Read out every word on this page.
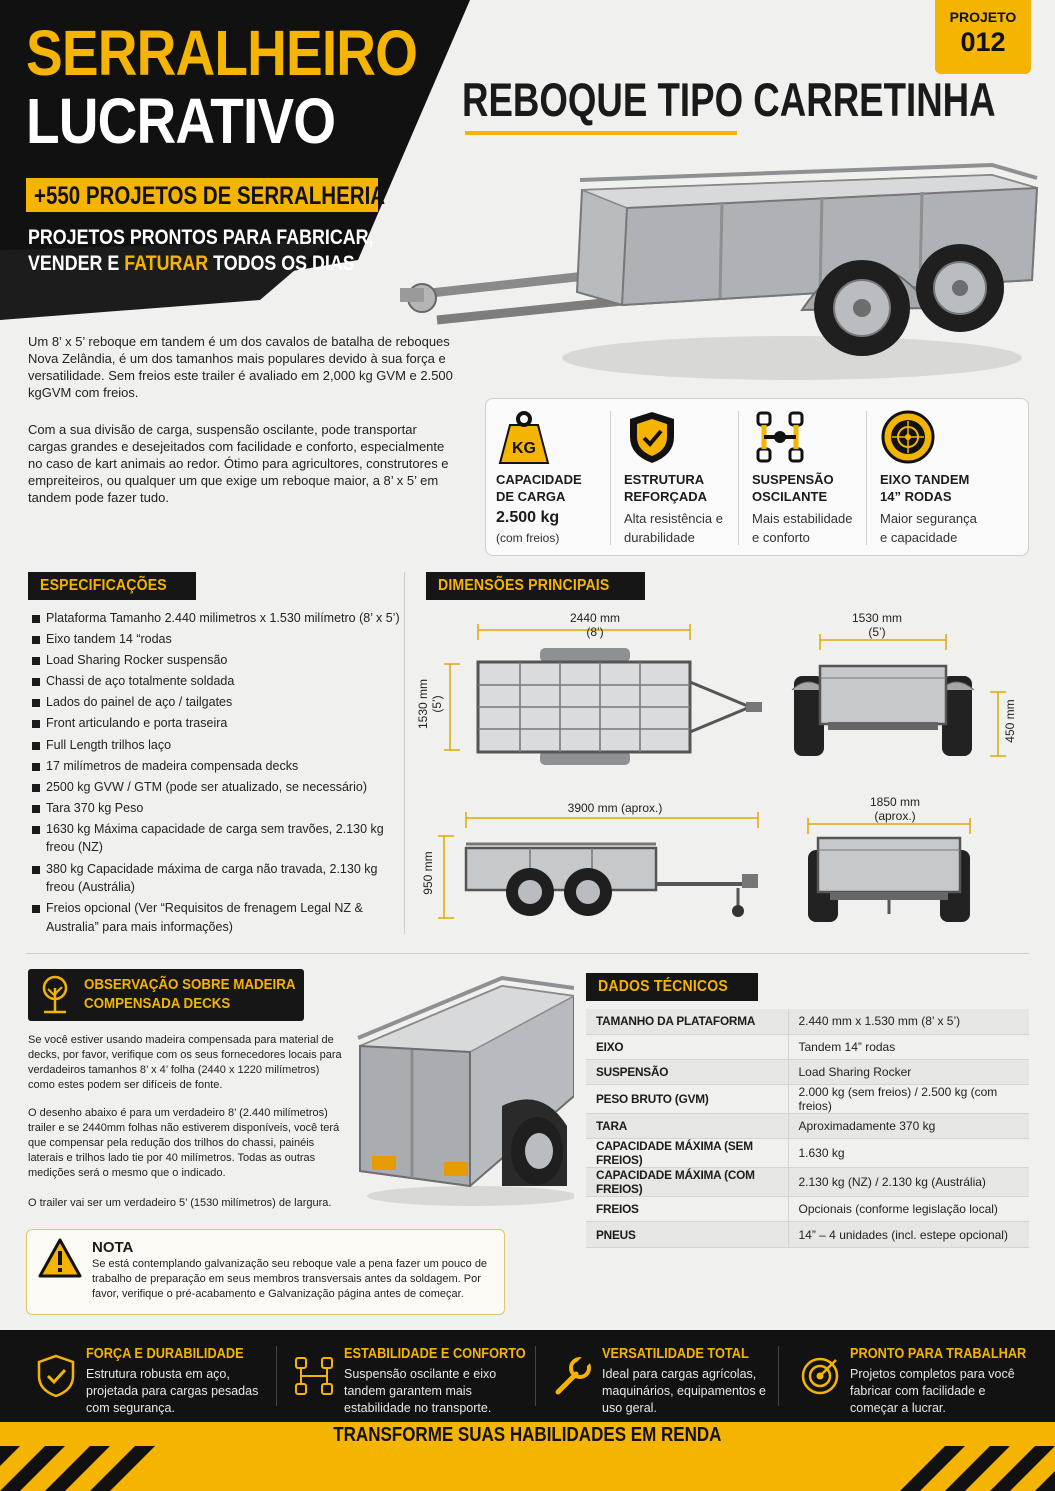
SERRALHEIRO
LUCRATIVO
+550 PROJETOS DE SERRALHERIA
PROJETOS PRONTOS PARA FABRICAR,
VENDER E FATURAR TODOS OS DIAS
PROJETO
012
REBOQUE TIPO CARRETINHA
Um 8’ x 5’ reboque em tandem é um dos cavalos de batalha de reboques Nova Zelândia, é um dos tamanhos mais populares devido à sua força e versatilidade. Sem freios este trailer é avaliado em 2,000 kg GVM e 2.500 kgGVM com freios.
Com a sua divisão de carga, suspensão oscilante, pode transportar cargas grandes e desejeitados com facilidade e conforto, especialmente no caso de kart animais ao redor. Ótimo para agricultores, construtores e empreiteiros, ou qualquer um que exige um reboque maior, a 8’ x 5’ em tandem pode fazer tudo.
KG
CAPACIDADE
DE CARGA
2.500 kg
(com freios)
ESTRUTURA
REFORÇADA
Alta resistência e
durabilidade
SUSPENSÃO
OSCILANTE
Mais estabilidade
e conforto
EIXO TANDEM
14” RODAS
Maior segurança
e capacidade
ESPECIFICAÇÕES
Plataforma Tamanho 2.440 milimetros x 1.530 milímetro (8’ x 5’)
Eixo tandem 14 “rodas
Load Sharing Rocker suspensão
Chassi de aço totalmente soldada
Lados do painel de aço / tailgates
Front articulando e porta traseira
Full Length trilhos laço
17 milímetros de madeira compensada decks
2500 kg GVW / GTM (pode ser atualizado, se necessário)
Tara 370 kg Peso
1630 kg Máxima capacidade de carga sem travões, 2.130 kg freou (NZ)
380 kg Capacidade máxima de carga não travada, 2.130 kg freou (Austrália)
Freios opcional (Ver “Requisitos de frenagem Legal NZ & Australia” para mais informações)
DIMENSÕES PRINCIPAIS
2440 mm
(8’)
1530 mm (5’)
1530 mm
(5’)
450 mm
3900 mm (aprox.)
950 mm
1850 mm
(aprox.)
OBSERVAÇÃO SOBRE MADEIRA
COMPENSADA DECKS
Se você estiver usando madeira compensada para material de decks, por favor, verifique com os seus fornecedores locais para verdadeiros tamanhos 8’ x 4’ folha (2440 x 1220 milímetros) como estes podem ser difíceis de fonte.
O desenho abaixo é para um verdadeiro 8’ (2.440 milímetros) trailer e se 2440mm folhas não estiverem disponíveis, você terá que compensar pela redução dos trilhos do chassi, painéis laterais e trilhos lado tie por 40 milímetros. Todas as outras medições será o mesmo que o indicado.
O trailer vai ser um verdadeiro 5’ (1530 milímetros) de largura.
NOTA
Se está contemplando galvanização seu reboque vale a pena fazer um pouco de trabalho de preparação em seus membros transversais antes da soldagem. Por favor, verifique o pré-acabamento e Galvanização página antes de começar.
DADOS TÉCNICOS
TAMANHO DA PLATAFORMA	2.440 mm x 1.530 mm (8’ x 5’)
EIXO	Tandem 14” rodas
SUSPENSÃO	Load Sharing Rocker
PESO BRUTO (GVM)	2.000 kg (sem freios) / 2.500 kg (com freios)
TARA	Aproximadamente 370 kg
CAPACIDADE MÁXIMA (SEM FREIOS)	1.630 kg
CAPACIDADE MÁXIMA (COM FREIOS)	2.130 kg (NZ) / 2.130 kg (Austrália)
FREIOS	Opcionais (conforme legislação local)
PNEUS	14” – 4 unidades (incl. estepe opcional)
FORÇA E DURABILIDADE
Estrutura robusta em aço, projetada para cargas pesadas com segurança.
ESTABILIDADE E CONFORTO
Suspensão oscilante e eixo tandem garantem mais estabilidade no transporte.
VERSATILIDADE TOTAL
Ideal para cargas agrícolas, maquinários, equipamentos e uso geral.
PRONTO PARA TRABALHAR
Projetos completos para você fabricar com facilidade e começar a lucrar.
TRANSFORME SUAS HABILIDADES EM RENDA
